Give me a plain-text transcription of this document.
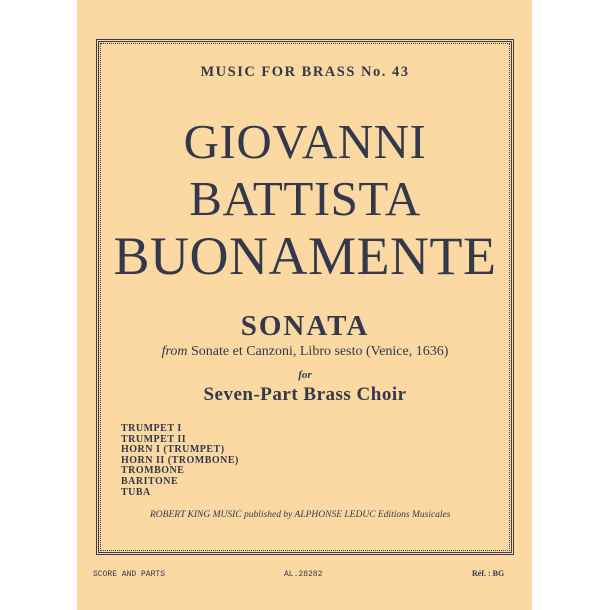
MUSIC FOR BRASS No. 43
GIOVANNI
BATTISTA
BUONAMENTE
SONATA
from Sonate et Canzoni, Libro sesto (Venice, 1636)
for
Seven-Part Brass Choir
TRUMPET I
TRUMPET II
HORN I (TRUMPET)
HORN II (TROMBONE)
TROMBONE
BARITONE
TUBA
ROBERT KING MUSIC published by ALPHONSE LEDUC Editions Musicales
SCORE AND PARTS	AL.28282	Réf. : BG
